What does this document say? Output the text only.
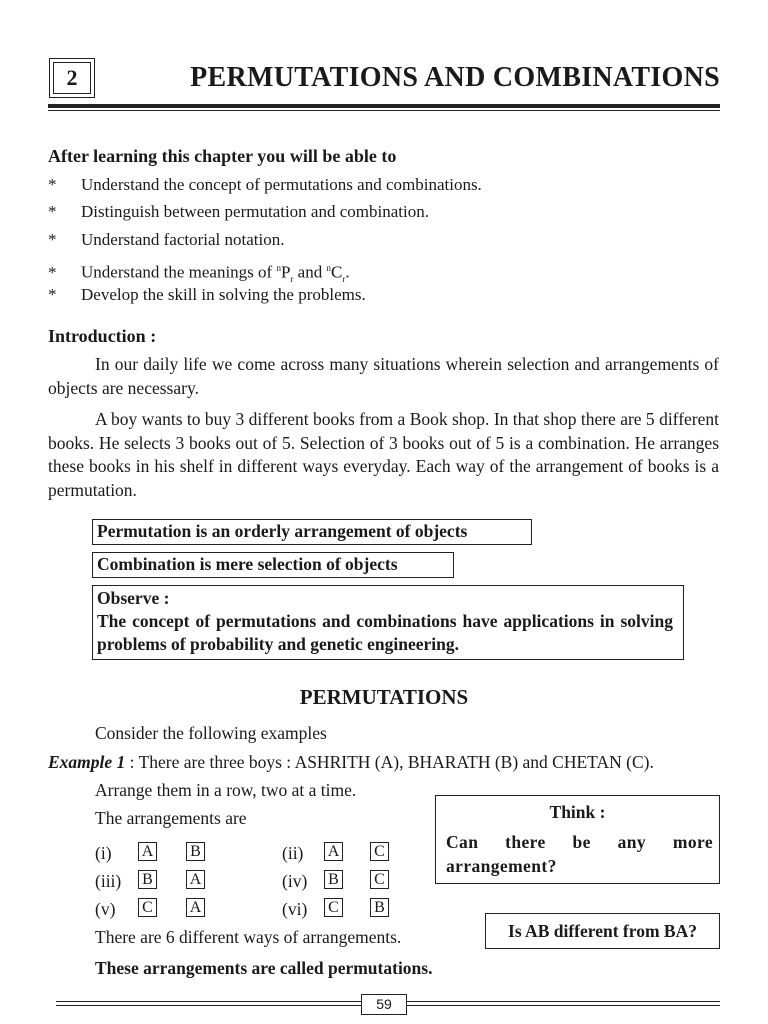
2	PERMUTATIONS AND COMBINATIONS
After learning this chapter you will be able to
* Understand the concept of permutations and combinations.
* Distinguish between permutation and combination.
* Understand factorial notation.
* Understand the meanings of $^nP_r$ and $^nC_r$.
* Develop the skill in solving the problems.
Introduction :
In our daily life we come across many situations wherein selection and arrangements of objects are necessary.
A boy wants to buy 3 different books from a Book shop. In that shop there are 5 different books. He selects 3 books out of 5. Selection of 3 books out of 5 is a combination. He arranges these books in his shelf in different ways everyday. Each way of the arrangement of books is a permutation.
Permutation is an orderly arrangement of objects
Combination is mere selection of objects
Observe :
The concept of permutations and combinations have applications in solving problems of probability and genetic engineering.
PERMUTATIONS
Consider the following examples
Example 1 : There are three boys : ASHRITH (A), BHARATH (B) and CHETAN (C).
Arrange them in a row, two at a time.
The arrangements are
(i) A B	(ii) A C
(iii) B A	(iv) B C
(v) C A	(vi) C B
There are 6 different ways of arrangements.
These arrangements are called permutations.
Think :
Can there be any more arrangement?
Is AB different from BA?
59
